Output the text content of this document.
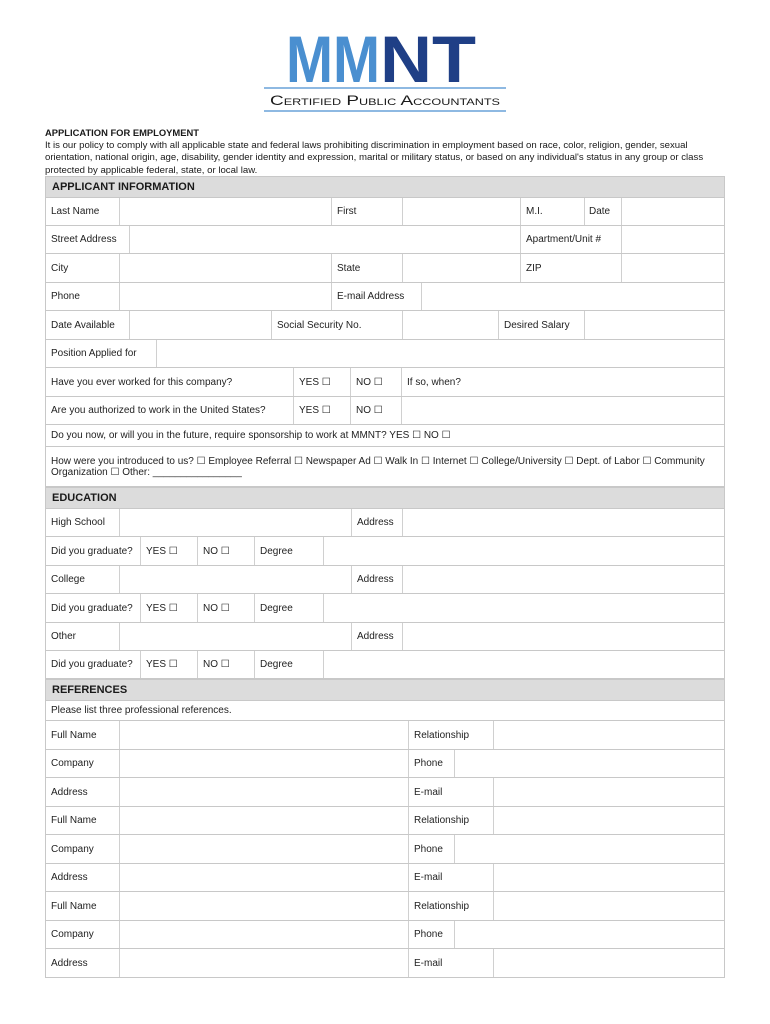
MM NT
Certified Public Accountants
APPLICATION FOR EMPLOYMENT
It is our policy to comply with all applicable state and federal laws prohibiting discrimination in employment based on race, color, religion, gender, sexual orientation, national origin, age, disability, gender identity and expression, marital or military status, or based on any individual's status in any group or class protected by applicable federal, state, or local law.
APPLICANT INFORMATION
Last Name	First	M.I.	Date
Street Address	Apartment/Unit #
City	State	ZIP
Phone	E-mail Address
Date Available	Social Security No.	Desired Salary
Position Applied for
Have you ever worked for this company?	YES ☐	NO ☐	If so, when?
Are you authorized to work in the United States?	YES ☐	NO ☐
Do you now, or will you in the future, require sponsorship to work at MMNT? YES ☐ NO ☐
How were you introduced to us? ☐ Employee Referral ☐ Newspaper Ad ☐ Walk In ☐ Internet ☐ College/University ☐ Dept. of Labor ☐ Community Organization ☐ Other: ________________
EDUCATION
High School	Address
Did you graduate?	YES ☐	NO ☐	Degree
College	Address
Did you graduate?	YES ☐	NO ☐	Degree
Other	Address
Did you graduate?	YES ☐	NO ☐	Degree
REFERENCES
Please list three professional references.
Full Name	Relationship
Company	Phone
Address	E-mail
Full Name	Relationship
Company	Phone
Address	E-mail
Full Name	Relationship
Company	Phone
Address	E-mail
